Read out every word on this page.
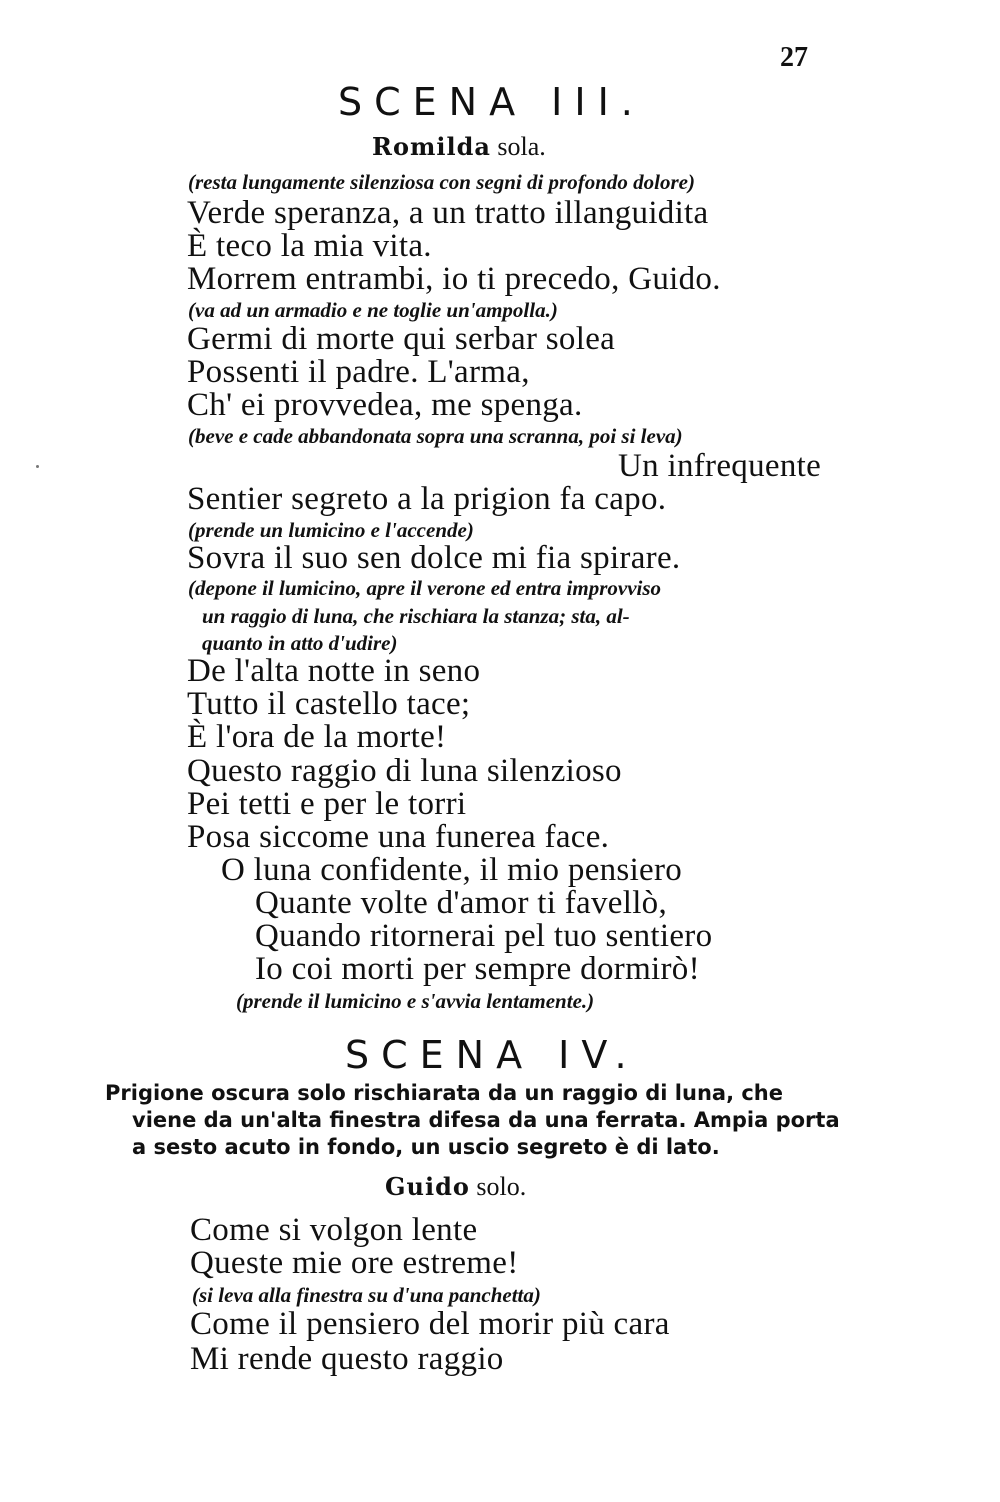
27
SCENA III.
Romilda sola.
(resta lungamente silenziosa con segni di profondo dolore)
Verde speranza, a un tratto illanguidita
È teco la mia vita.
Morrem entrambi, io ti precedo, Guido.
(va ad un armadio e ne toglie un'ampolla.)
Germi di morte qui serbar solea
Possenti il padre. L'arma,
Ch' ei provvedea, me spenga.
(beve e cade abbandonata sopra una scranna, poi si leva)
Un infrequente
Sentier segreto a la prigion fa capo.
(prende un lumicino e l'accende)
Sovra il suo sen dolce mi fia spirare.
(depone il lumicino, apre il verone ed entra improvviso
un raggio di luna, che rischiara la stanza; sta, al-
quanto in atto d'udire)
De l'alta notte in seno
Tutto il castello tace;
È l'ora de la morte!
Questo raggio di luna silenzioso
Pei tetti e per le torri
Posa siccome una funerea face.
O luna confidente, il mio pensiero
Quante volte d'amor ti favellò,
Quando ritornerai pel tuo sentiero
Io coi morti per sempre dormirò!
(prende il lumicino e s'avvia lentamente.)
SCENA IV.
Prigione oscura solo rischiarata da un raggio di luna, che
viene da un'alta finestra difesa da una ferrata. Ampia porta
a sesto acuto in fondo, un uscio segreto è di lato.
Guido solo.
Come si volgon lente
Queste mie ore estreme!
(si leva alla finestra su d'una panchetta)
Come il pensiero del morir più cara
Mi rende questo raggio
